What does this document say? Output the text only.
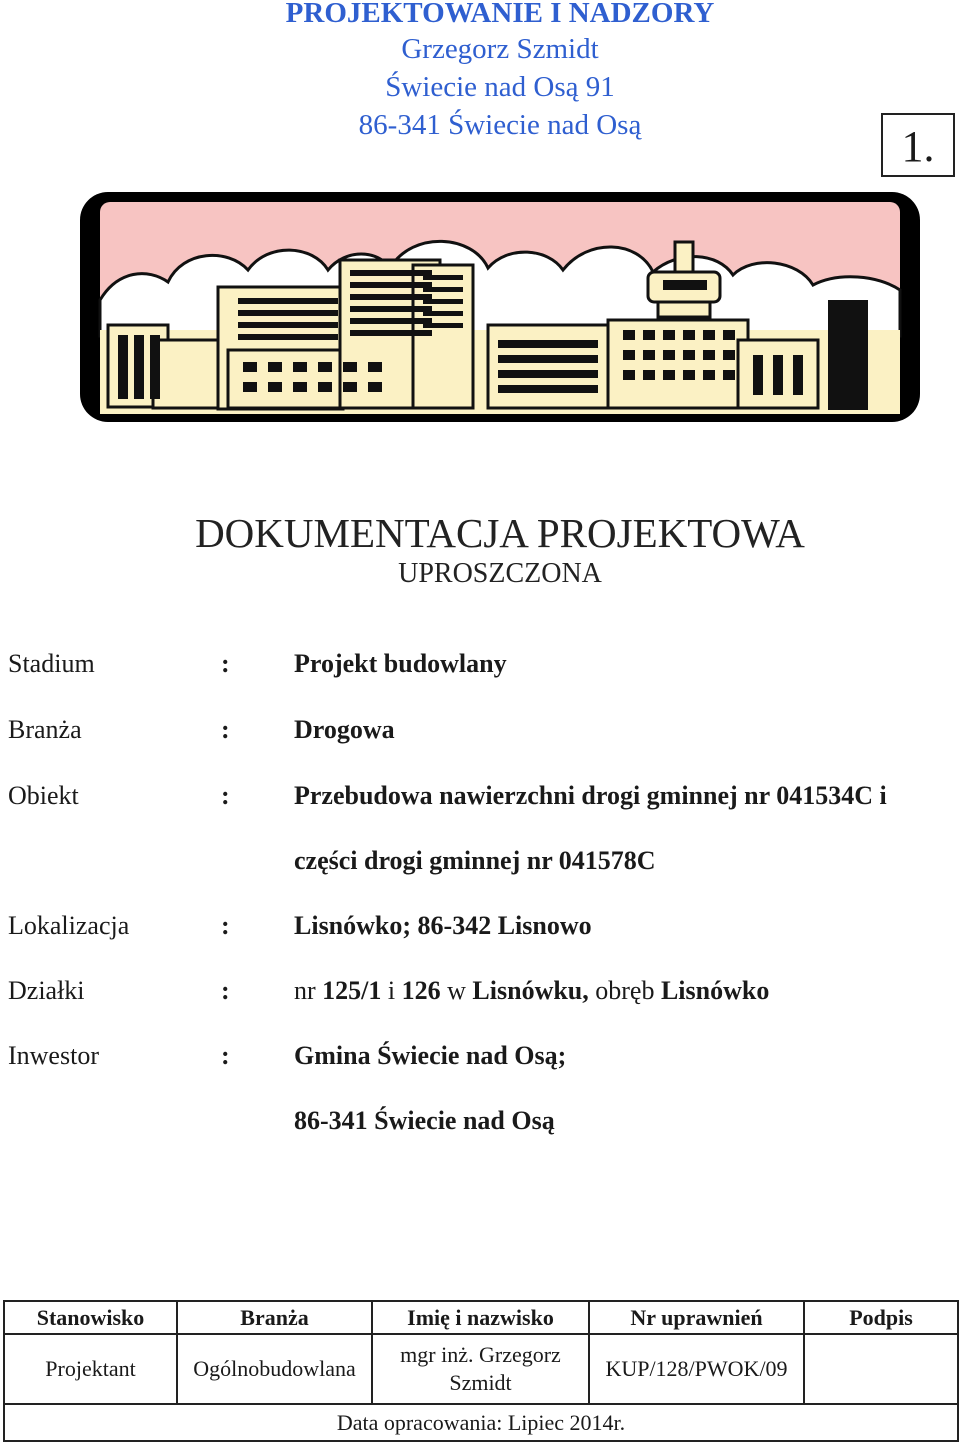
PROJEKTOWANIE I NADZORY
Grzegorz Szmidt
Świecie nad Osą 91
86-341 Świecie nad Osą	1.
DOKUMENTACJA PROJEKTOWA
UPROSZCZONA
Stadium	: Projekt budowlany
Branża	: Drogowa
Obiekt	: Przebudowa nawierzchni drogi gminnej nr 041534C i
części drogi gminnej nr 041578C
Lokalizacja	: Lisnówko; 86-342 Lisnowo
Działki	: nr 125/1 i 126 w Lisnówku, obręb Lisnówko
Inwestor	: Gmina Świecie nad Osą;
86-341 Świecie nad Osą
Stanowisko	Branża	Imię i nazwisko	Nr uprawnień	Podpis
Projektant	Ogólnobudowlana	mgr inż. Grzegorz
Szmidt	KUP/128/PWOK/09	
Data opracowania: Lipiec 2014r.				
